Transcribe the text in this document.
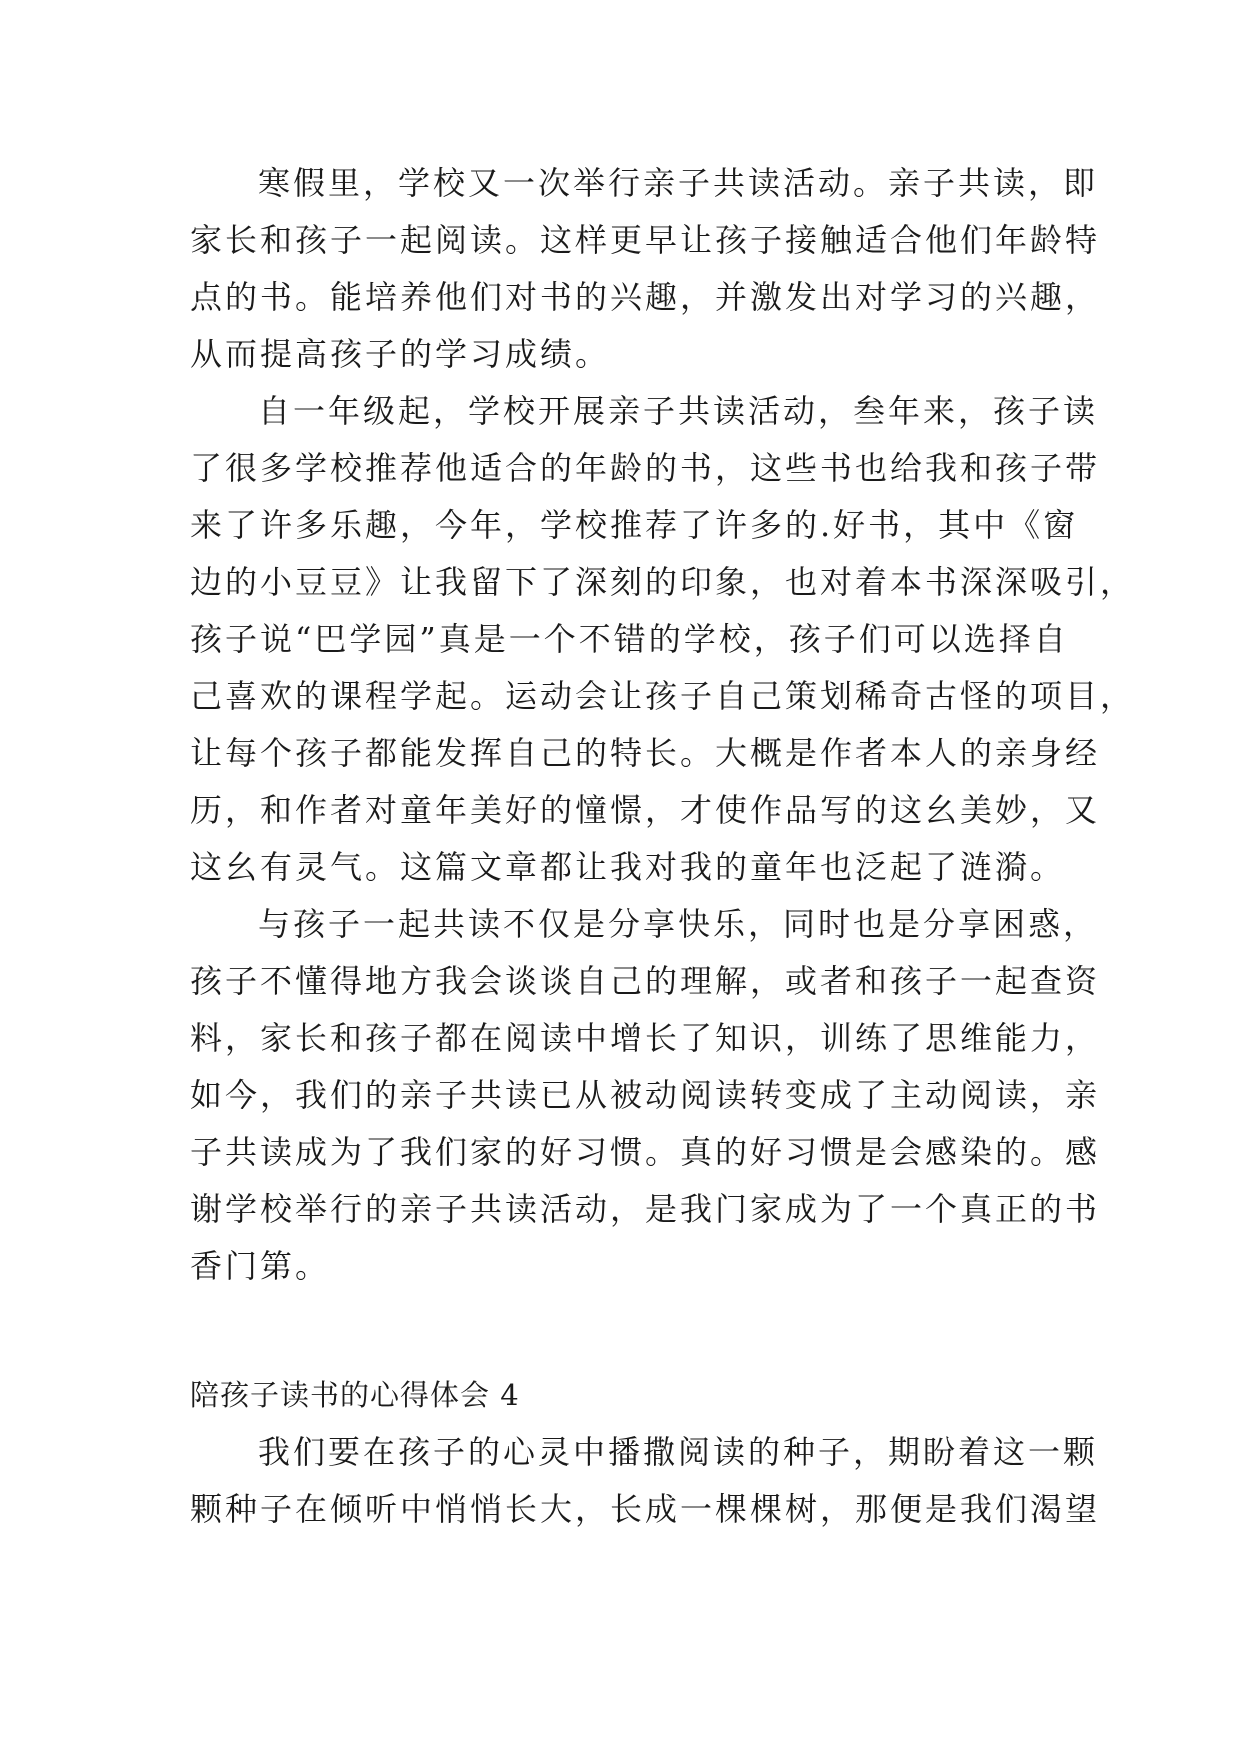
寒假里，学校又一次举行亲子共读活动。亲子共读，即
家长和孩子一起阅读。这样更早让孩子接触适合他们年龄特
点的书。能培养他们对书的兴趣，并激发出对学习的兴趣，
从而提高孩子的学习成绩。
自一年级起，学校开展亲子共读活动，叁年来，孩子读
了很多学校推荐他适合的年龄的书，这些书也给我和孩子带
来了许多乐趣，今年，学校推荐了许多的.好书，其中《窗
边的小豆豆》让我留下了深刻的印象，也对着本书深深吸引，
孩子说“巴学园”真是一个不错的学校，孩子们可以选择自
己喜欢的课程学起。运动会让孩子自己策划稀奇古怪的项目，
让每个孩子都能发挥自己的特长。大概是作者本人的亲身经
历，和作者对童年美好的憧憬，才使作品写的这幺美妙，又
这幺有灵气。这篇文章都让我对我的童年也泛起了涟漪。
与孩子一起共读不仅是分享快乐，同时也是分享困惑，
孩子不懂得地方我会谈谈自己的理解，或者和孩子一起查资
料，家长和孩子都在阅读中增长了知识，训练了思维能力，
如今，我们的亲子共读已从被动阅读转变成了主动阅读，亲
子共读成为了我们家的好习惯。真的好习惯是会感染的。感
谢学校举行的亲子共读活动，是我门家成为了一个真正的书
香门第。
陪孩子读书的心得体会 4
我们要在孩子的心灵中播撒阅读的种子，期盼着这一颗
颗种子在倾听中悄悄长大，长成一棵棵树，那便是我们渴望
